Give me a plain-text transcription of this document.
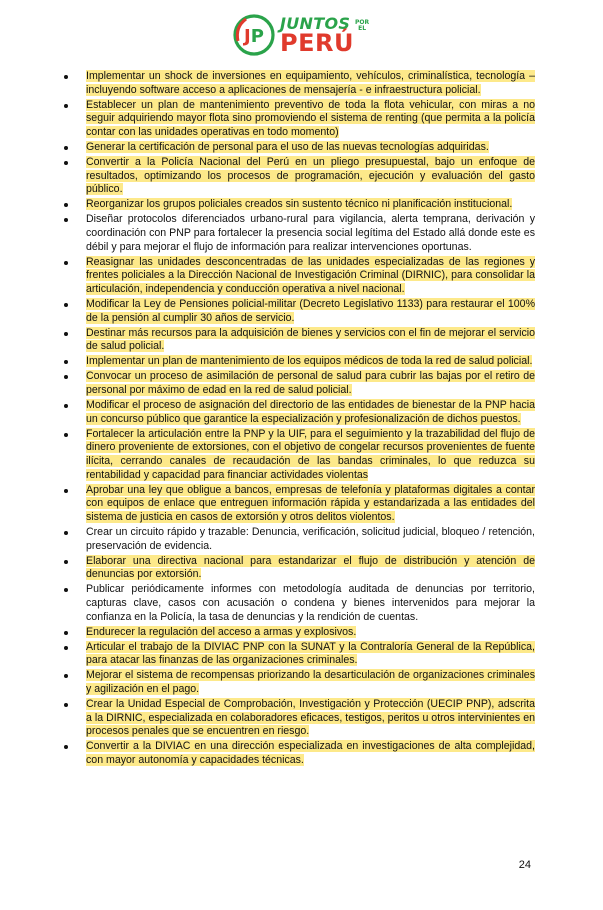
JP
JUNTOS POR EL
PERÚ
Implementar un shock de inversiones en equipamiento, vehículos, criminalística, tecnología – incluyendo software acceso a aplicaciones de mensajería - e infraestructura policial.
Establecer un plan de mantenimiento preventivo de toda la flota vehicular, con miras a no seguir adquiriendo mayor flota sino promoviendo el sistema de renting (que permita a la policía contar con las unidades operativas en todo momento)
Generar la certificación de personal para el uso de las nuevas tecnologías adquiridas.
Convertir a la Policía Nacional del Perú en un pliego presupuestal, bajo un enfoque de resultados, optimizando los procesos de programación, ejecución y evaluación del gasto público.
Reorganizar los grupos policiales creados sin sustento técnico ni planificación institucional.
Diseñar protocolos diferenciados urbano-rural para vigilancia, alerta temprana, derivación y coordinación con PNP para fortalecer la presencia social legítima del Estado allá donde este es débil y para mejorar el flujo de información para realizar intervenciones oportunas.
Reasignar las unidades desconcentradas de las unidades especializadas de las regiones y frentes policiales a la Dirección Nacional de Investigación Criminal (DIRNIC), para consolidar la articulación, independencia y conducción operativa a nivel nacional.
Modificar la Ley de Pensiones policial-militar (Decreto Legislativo 1133) para restaurar el 100% de la pensión al cumplir 30 años de servicio.
Destinar más recursos para la adquisición de bienes y servicios con el fin de mejorar el servicio de salud policial.
Implementar un plan de mantenimiento de los equipos médicos de toda la red de salud policial.
Convocar un proceso de asimilación de personal de salud para cubrir las bajas por el retiro de personal por máximo de edad en la red de salud policial.
Modificar el proceso de asignación del directorio de las entidades de bienestar de la PNP hacia un concurso público que garantice la especialización y profesionalización de dichos puestos.
Fortalecer la articulación entre la PNP y la UIF, para el seguimiento y la trazabilidad del flujo de dinero proveniente de extorsiones, con el objetivo de congelar recursos provenientes de fuente ilícita, cerrando canales de recaudación de las bandas criminales, lo que reduzca su rentabilidad y capacidad para financiar actividades violentas
Aprobar una ley que obligue a bancos, empresas de telefonía y plataformas digitales a contar con equipos de enlace que entreguen información rápida y estandarizada a las entidades del sistema de justicia en casos de extorsión y otros delitos violentos.
Crear un circuito rápido y trazable: Denuncia, verificación, solicitud judicial, bloqueo / retención, preservación de evidencia.
Elaborar una directiva nacional para estandarizar el flujo de distribución y atención de denuncias por extorsión.
Publicar periódicamente informes con metodología auditada de denuncias por territorio, capturas clave, casos con acusación o condena y bienes intervenidos para mejorar la confianza en la Policía, la tasa de denuncias y la rendición de cuentas.
Endurecer la regulación del acceso a armas y explosivos.
Articular el trabajo de la DIVIAC PNP con la SUNAT y la Contraloría General de la República, para atacar las finanzas de las organizaciones criminales.
Mejorar el sistema de recompensas priorizando la desarticulación de organizaciones criminales y agilización en el pago.
Crear la Unidad Especial de Comprobación, Investigación y Protección (UECIP PNP), adscrita a la DIRNIC, especializada en colaboradores eficaces, testigos, peritos u otros intervinientes en procesos penales que se encuentren en riesgo.
Convertir a la DIVIAC en una dirección especializada en investigaciones de alta complejidad, con mayor autonomía y capacidades técnicas.
24
